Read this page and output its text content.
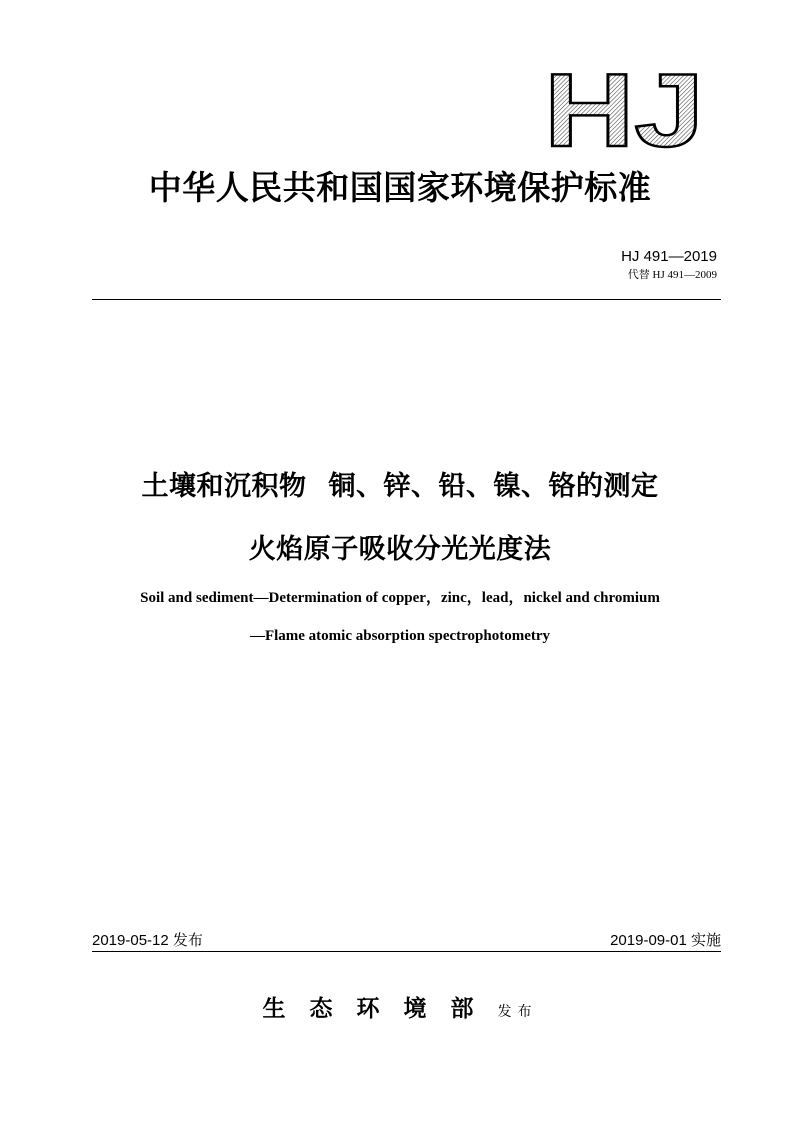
HJ
中华人民共和国国家环境保护标准
HJ 491—2019
代替 HJ 491—2009
土壤和沉积物 铜、锌、铅、镍、铬的测定
火焰原子吸收分光光度法
Soil and sediment—Determination of copper，zinc，lead，nickel and chromium
—Flame atomic absorption spectrophotometry
2019-05-12 发布	2019-09-01 实施
生态环境部发布
